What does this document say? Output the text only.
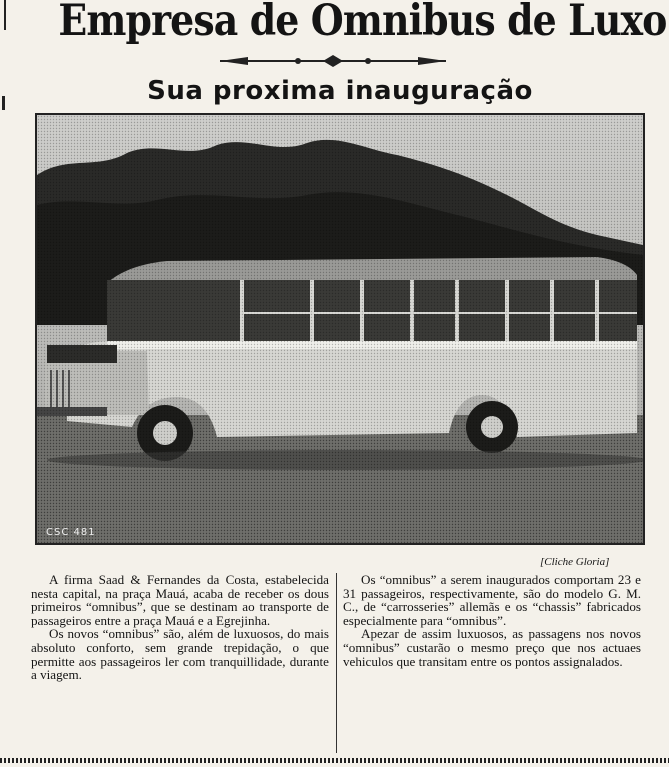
Empresa de Omnibus de Luxo
Sua proxima inauguração
CSC 481
[Cliche Gloria]

A firma Saad & Fernandes da Costa, estabelecida nesta capital, na praça Mauá, acaba de receber os dous primeiros “omnibus”, que se destinam ao transporte de passageiros entre a praça Mauá e a Egrejinha.

Os novos “omnibus” são, além de luxuosos, do mais absoluto conforto, sem grande trepidação, o que permitte aos passageiros ler com tranquillidade, durante a viagem.

Os “omnibus” a serem inaugurados comportam 23 e 31 passageiros, respectivamente, são do modelo G. M. C., de “carrosseries” allemãs e os “chassis” fabricados especialmente para “omnibus”.

Apezar de assim luxuosos, as passagens nos novos “omnibus” custarão o mesmo preço que nos actuaes vehiculos que transitam entre os pontos assignalados.
